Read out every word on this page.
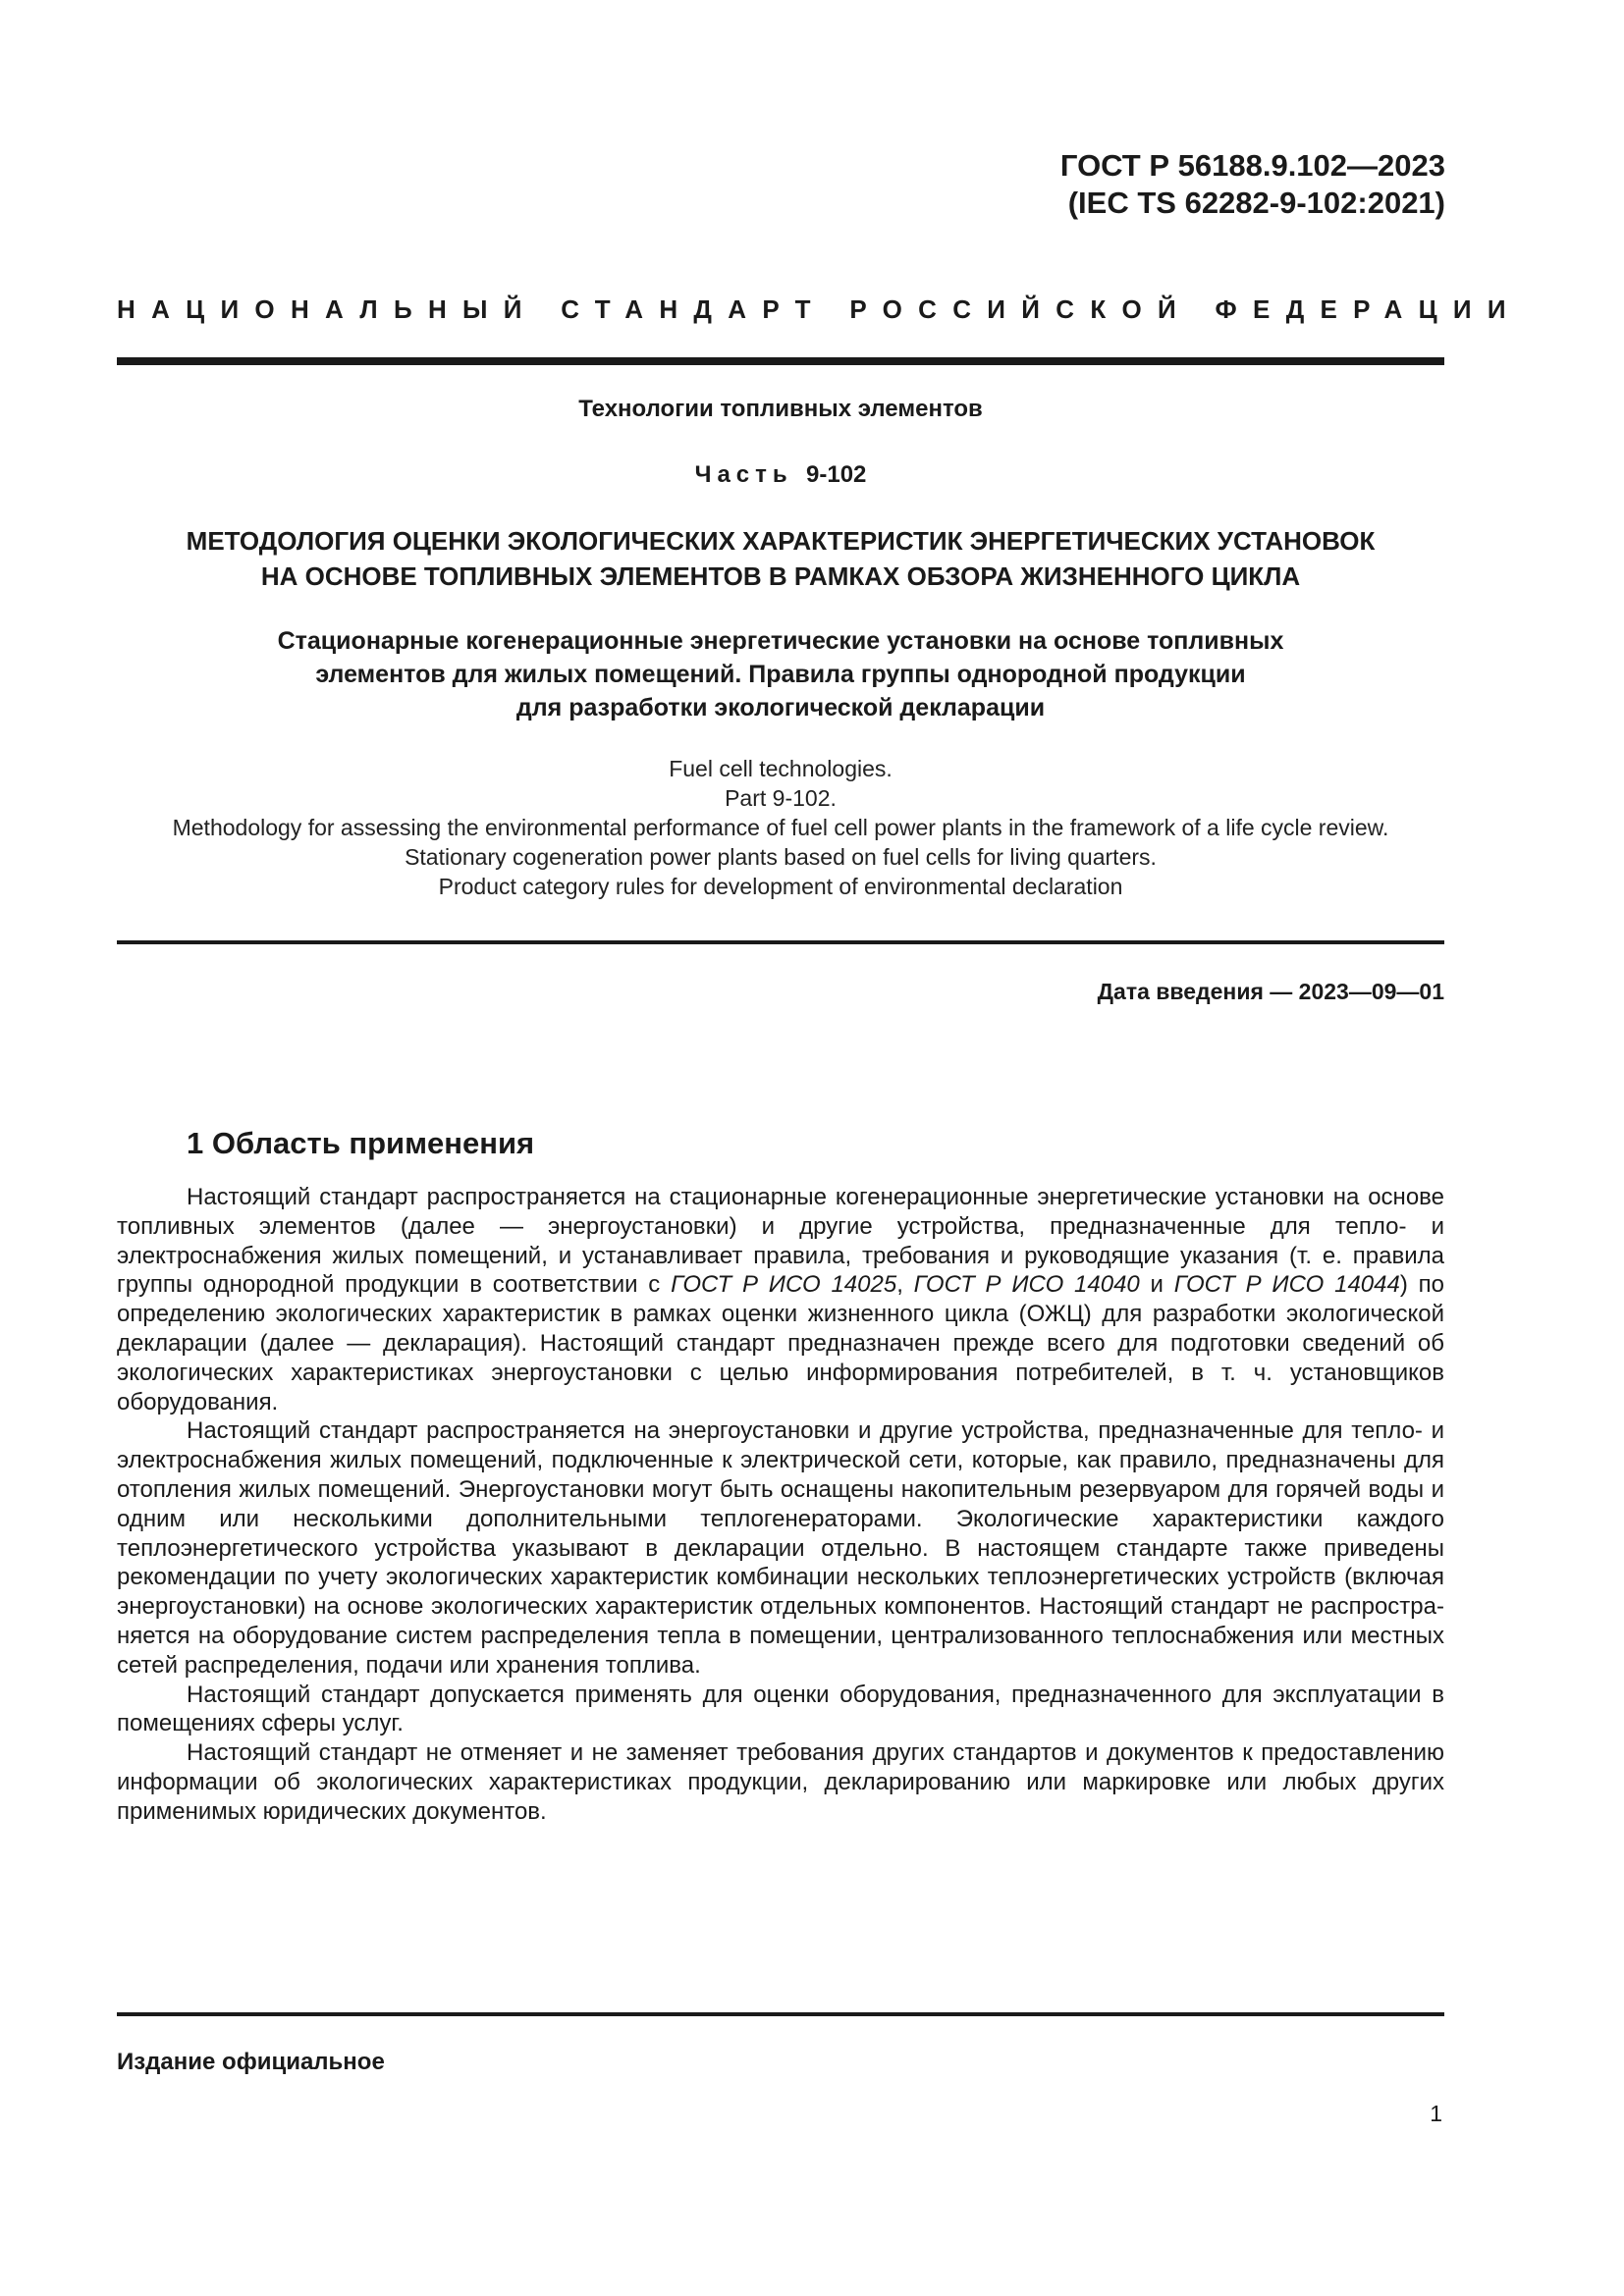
ГОСТ Р 56188.9.102—2023
(IEC TS 62282-9-102:2021)
НАЦИОНАЛЬНЫЙ СТАНДАРТ РОССИЙСКОЙ ФЕДЕРАЦИИ
Технологии топливных элементов
Часть 9-102
МЕТОДОЛОГИЯ ОЦЕНКИ ЭКОЛОГИЧЕСКИХ ХАРАКТЕРИСТИК ЭНЕРГЕТИЧЕСКИХ УСТАНОВОК
НА ОСНОВЕ ТОПЛИВНЫХ ЭЛЕМЕНТОВ В РАМКАХ ОБЗОРА ЖИЗНЕННОГО ЦИКЛА
Стационарные когенерационные энергетические установки на основе топливных
элементов для жилых помещений. Правила группы однородной продукции
для разработки экологической декларации
Fuel cell technologies.
Part 9-102.
Methodology for assessing the environmental performance of fuel cell power plants in the framework of a life cycle review.
Stationary cogeneration power plants based on fuel cells for living quarters.
Product category rules for development of environmental declaration
Дата введения — 2023—09—01
1 Область применения

Настоящий стандарт распространяется на стационарные когенерационные энергетические установки на основе топливных элементов (далее — энергоустановки) и другие устройства, предназначенные для тепло- и электроснабжения жилых помещений, и устанавливает правила, требования и руководящие указания (т. е. правила группы однородной продукции в соответствии с ГОСТ Р ИСО 14025, ГОСТ Р ИСО 14040 и ГОСТ Р ИСО 14044) по определению экологических характеристик в рамках оценки жизненного цикла (ОЖЦ) для разработки экологической декларации (далее — декларация). Настоящий стандарт предназначен прежде всего для подготовки сведений об экологических характеристиках энергоустановки с целью информирования потребителей, в т. ч. установщиков оборудования.

Настоящий стандарт распространяется на энергоустановки и другие устройства, предназначенные для тепло- и электроснабжения жилых помещений, подключенные к электрической сети, которые, как правило, предназначены для отопления жилых помещений. Энергоустановки могут быть оснащены накопительным резервуаром для горячей воды и одним или несколькими дополнительными теплогенераторами. Экологические характеристики каждого теплоэнергетического устройства указывают в декларации отдельно. В настоящем стандарте также приведены рекомендации по учету экологических характеристик комбинации нескольких теплоэнергетических устройств (включая энергоустановки) на основе экологических характеристик отдельных компонентов. Настоящий стандарт не распространяется на оборудование систем распределения тепла в помещении, централизованного теплоснабжения или местных сетей распределения, подачи или хранения топлива.

Настоящий стандарт допускается применять для оценки оборудования, предназначенного для эксплуатации в помещениях сферы услуг.

Настоящий стандарт не отменяет и не заменяет требования других стандартов и документов к предоставлению информации об экологических характеристиках продукции, декларированию или маркировке или любых других применимых юридических документов.

Издание официальное
1
